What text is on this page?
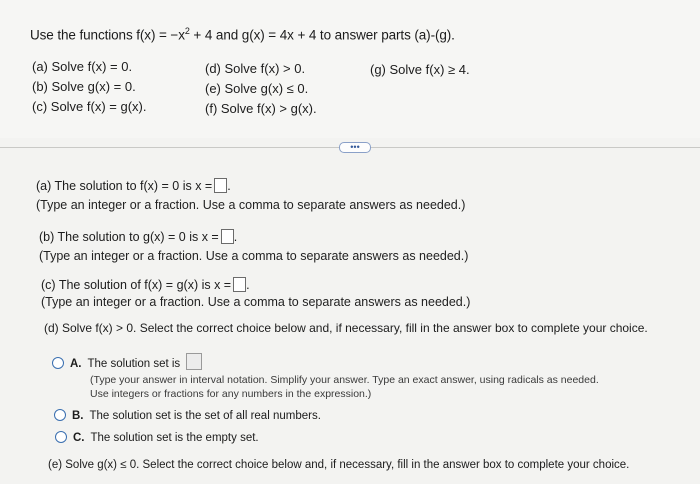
Use the functions $f(x) = -x^2 + 4$ and g(x) = 4x + 4 to answer parts (a)-(g).
(a) Solve f(x) = 0.
(b) Solve g(x) = 0.
(c) Solve f(x) = g(x).
(d) Solve f(x) > 0.
(e) Solve g(x) ≤ 0.
(f) Solve f(x) > g(x).
(g) Solve f(x) ≥ 4.
•••
(a) The solution to f(x) = 0 is x = .
(Type an integer or a fraction. Use a comma to separate answers as needed.)
(b) The solution to g(x) = 0 is x = .
(Type an integer or a fraction. Use a comma to separate answers as needed.)
(c) The solution of f(x) = g(x) is x = .
(Type an integer or a fraction. Use a comma to separate answers as needed.)
(d) Solve f(x) > 0. Select the correct choice below and, if necessary, fill in the answer box to complete your choice.
A. The solution set is
(Type your answer in interval notation. Simplify your answer. Type an exact answer, using radicals as needed.
Use integers or fractions for any numbers in the expression.)
B. The solution set is the set of all real numbers.
C. The solution set is the empty set.
(e) Solve g(x) ≤ 0. Select the correct choice below and, if necessary, fill in the answer box to complete your choice.
